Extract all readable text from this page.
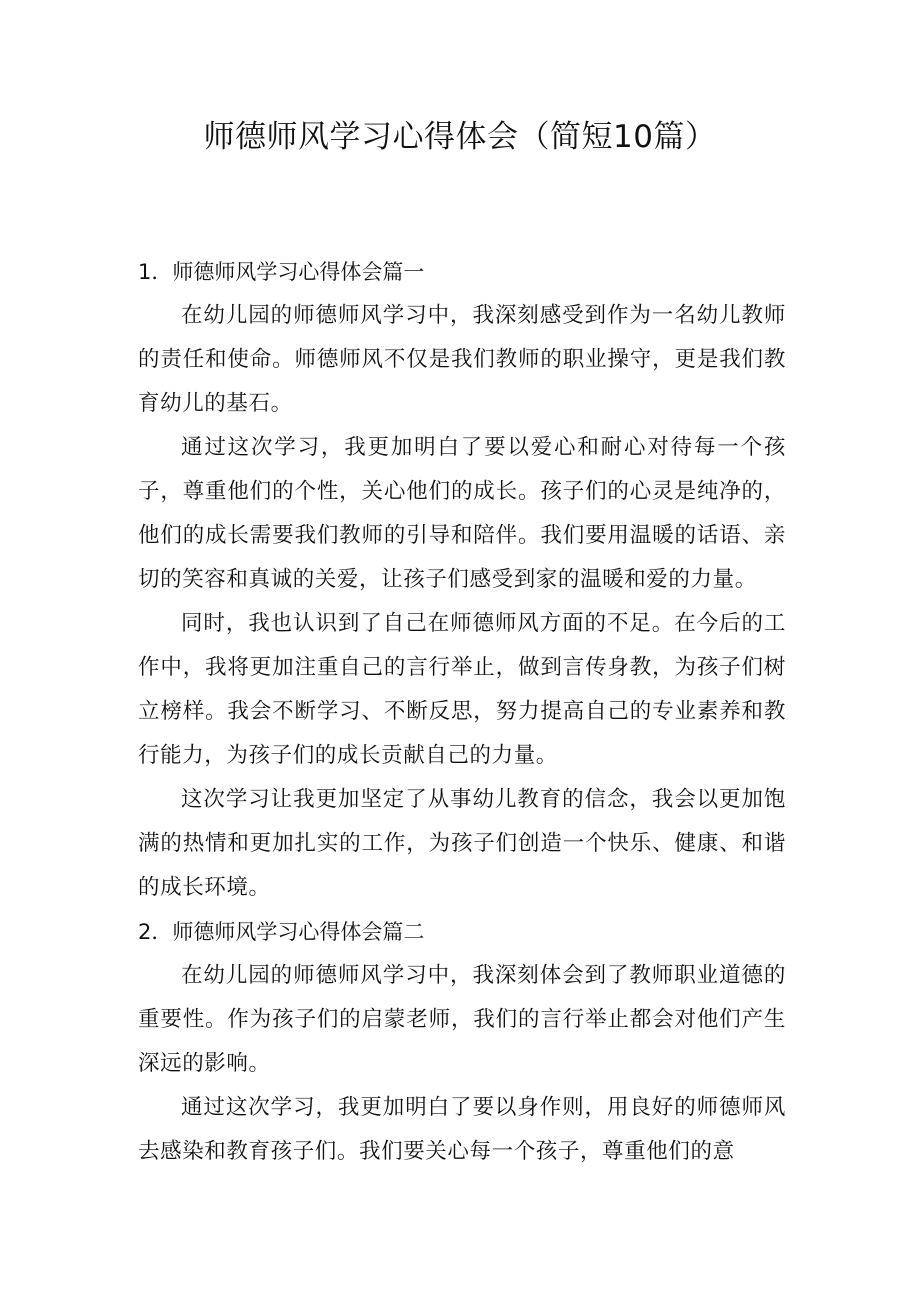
师德师风学习心得体会（简短10篇）
1．师德师风学习心得体会篇一

在幼儿园的师德师风学习中，我深刻感受到作为一名幼儿教师的责任和使命。师德师风不仅是我们教师的职业操守，更是我们教育幼儿的基石。

通过这次学习，我更加明白了要以爱心和耐心对待每一个孩子，尊重他们的个性，关心他们的成长。孩子们的心灵是纯净的，他们的成长需要我们教师的引导和陪伴。我们要用温暖的话语、亲切的笑容和真诚的关爱，让孩子们感受到家的温暖和爱的力量。

同时，我也认识到了自己在师德师风方面的不足。在今后的工作中，我将更加注重自己的言行举止，做到言传身教，为孩子们树立榜样。我会不断学习、不断反思，努力提高自己的专业素养和教行能力，为孩子们的成长贡献自己的力量。

这次学习让我更加坚定了从事幼儿教育的信念，我会以更加饱满的热情和更加扎实的工作，为孩子们创造一个快乐、健康、和谐的成长环境。

2．师德师风学习心得体会篇二

在幼儿园的师德师风学习中，我深刻体会到了教师职业道德的重要性。作为孩子们的启蒙老师，我们的言行举止都会对他们产生深远的影响。

通过这次学习，我更加明白了要以身作则，用良好的师德师风去感染和教育孩子们。我们要关心每一个孩子，尊重他们的意
